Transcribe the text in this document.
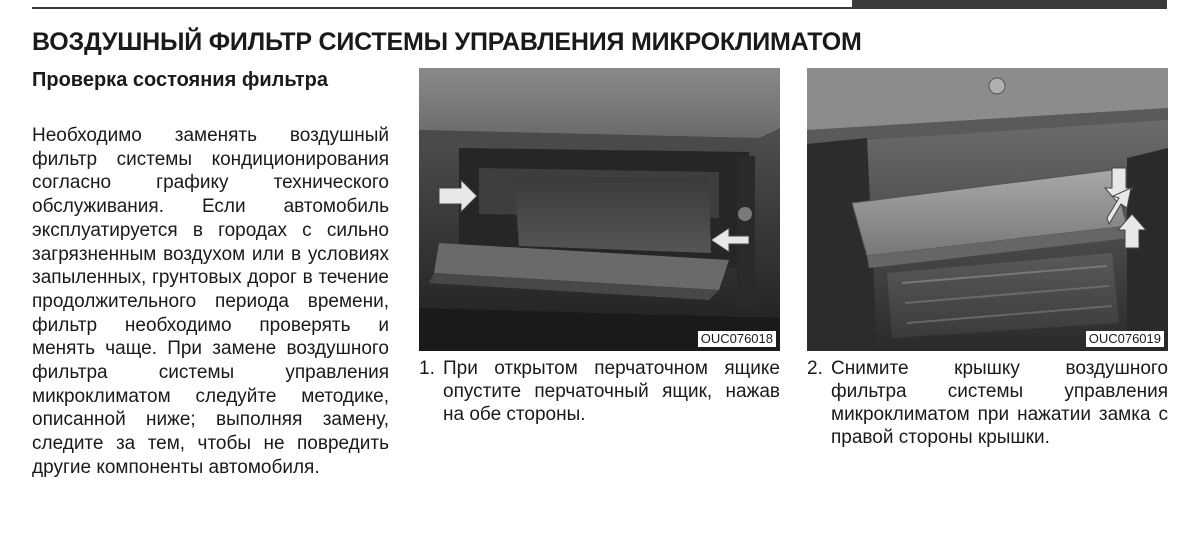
ВОЗДУШНЫЙ ФИЛЬТР СИСТЕМЫ УПРАВЛЕНИЯ МИКРОКЛИМАТОМ
Проверка состояния фильтра

Необходимо заменять воздушный фильтр системы кондиционирования согласно графику технического обслуживания. Если автомобиль эксплуатируется в городах с сильно загрязненным воздухом или в условиях запыленных, грунтовых дорог в течение продолжительного периода времени, фильтр необходимо проверять и менять чаще. При замене воздушного фильтра системы управления микроклиматом следуйте методике, описанной ниже; выполняя замену, следите за тем, чтобы не повредить другие компоненты автомобиля.

OUC076018

1. При открытом перчаточном ящике опустите перчаточный ящик, нажав на обе стороны.

OUC076019

2. Снимите крышку воздушного фильтра системы управления микроклиматом при нажатии замка с правой стороны крышки.
